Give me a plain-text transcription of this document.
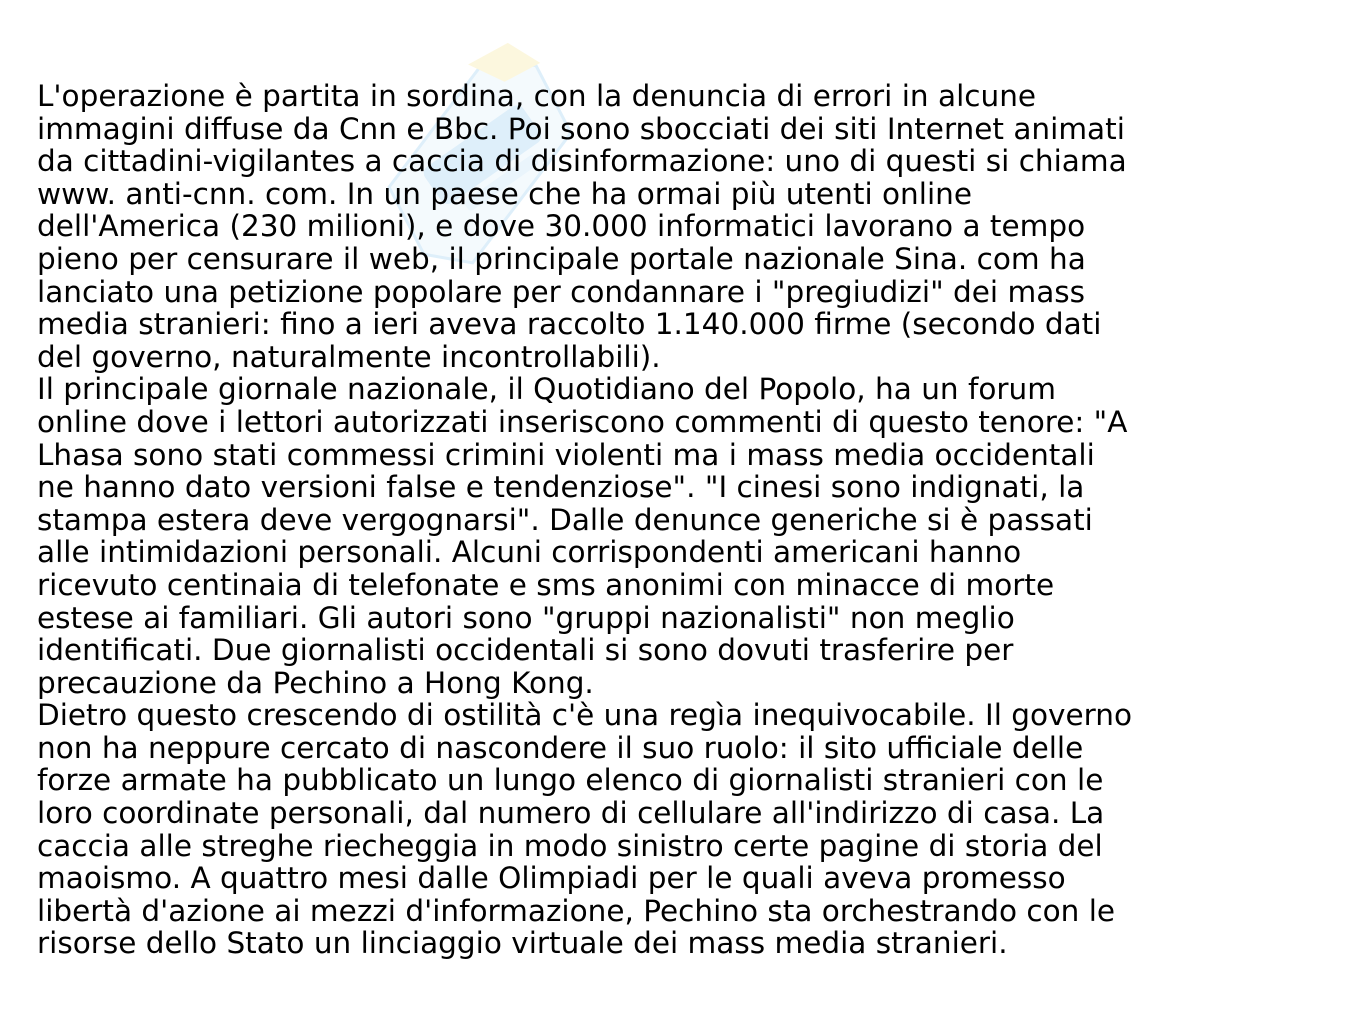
L'operazione è partita in sordina, con la denuncia di errori in alcune
immagini diffuse da Cnn e Bbc. Poi sono sbocciati dei siti Internet animati
da cittadini-vigilantes a caccia di disinformazione: uno di questi si chiama
www. anti-cnn. com. In un paese che ha ormai più utenti online
dell'America (230 milioni), e dove 30.000 informatici lavorano a tempo
pieno per censurare il web, il principale portale nazionale Sina. com ha
lanciato una petizione popolare per condannare i "pregiudizi" dei mass
media stranieri: fino a ieri aveva raccolto 1.140.000 firme (secondo dati
del governo, naturalmente incontrollabili).

Il principale giornale nazionale, il Quotidiano del Popolo, ha un forum
online dove i lettori autorizzati inseriscono commenti di questo tenore: "A
Lhasa sono stati commessi crimini violenti ma i mass media occidentali
ne hanno dato versioni false e tendenziose". "I cinesi sono indignati, la
stampa estera deve vergognarsi". Dalle denunce generiche si è passati
alle intimidazioni personali. Alcuni corrispondenti americani hanno
ricevuto centinaia di telefonate e sms anonimi con minacce di morte
estese ai familiari. Gli autori sono "gruppi nazionalisti" non meglio
identificati. Due giornalisti occidentali si sono dovuti trasferire per
precauzione da Pechino a Hong Kong.

Dietro questo crescendo di ostilità c'è una regìa inequivocabile. Il governo
non ha neppure cercato di nascondere il suo ruolo: il sito ufficiale delle
forze armate ha pubblicato un lungo elenco di giornalisti stranieri con le
loro coordinate personali, dal numero di cellulare all'indirizzo di casa. La
caccia alle streghe riecheggia in modo sinistro certe pagine di storia del
maoismo. A quattro mesi dalle Olimpiadi per le quali aveva promesso
libertà d'azione ai mezzi d'informazione, Pechino sta orchestrando con le
risorse dello Stato un linciaggio virtuale dei mass media stranieri.
